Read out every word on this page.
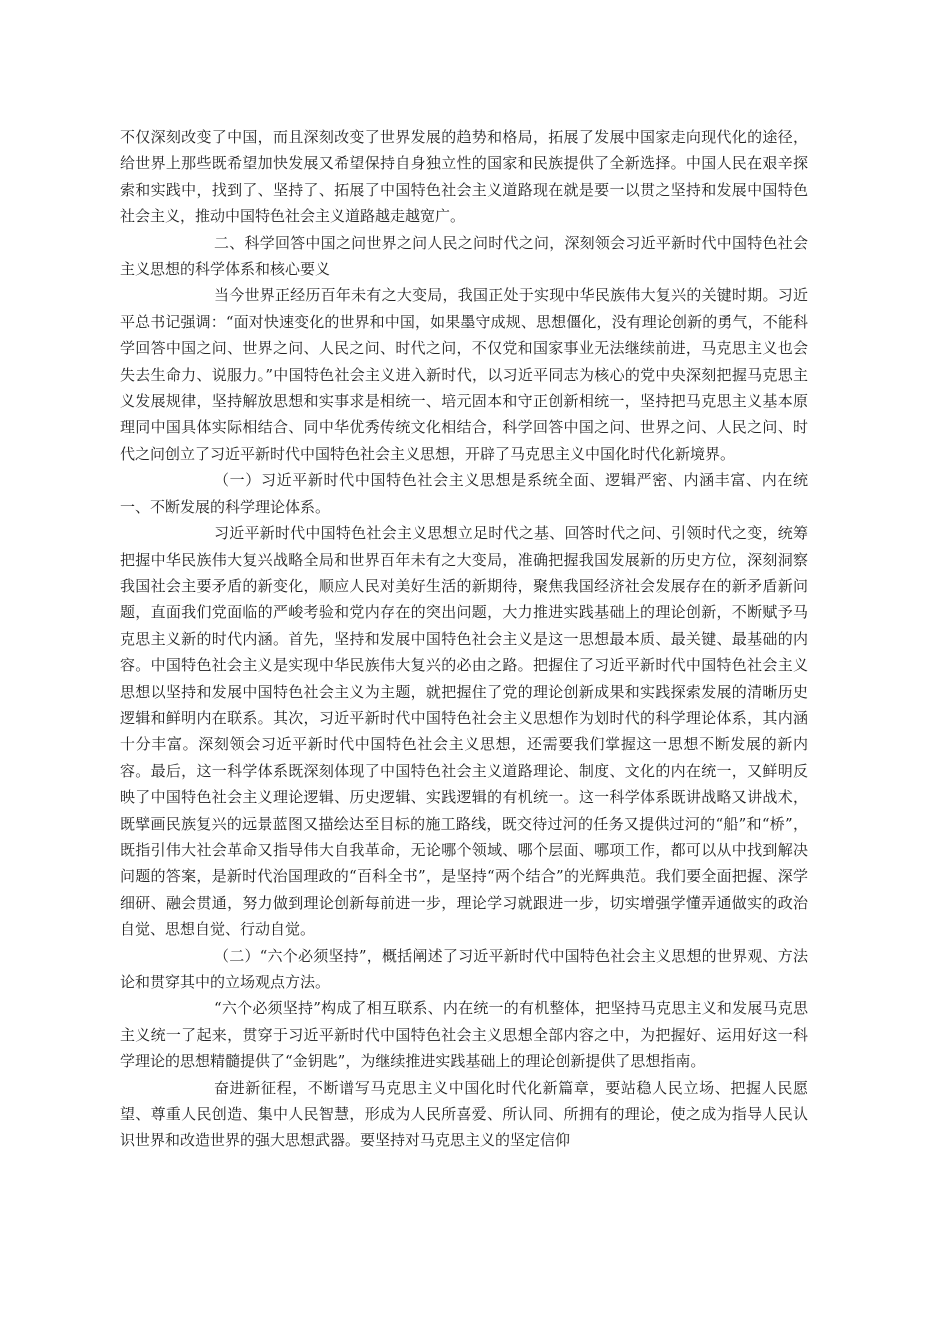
不仅深刻改变了中国，而且深刻改变了世界发展的趋势和格局，拓展了发展中国家走向现代化的途径，给世界上那些既希望加快发展又希望保持自身独立性的国家和民族提供了全新选择。中国人民在艰辛探索和实践中，找到了、坚持了、拓展了中国特色社会主义道路现在就是要一以贯之坚持和发展中国特色社会主义，推动中国特色社会主义道路越走越宽广。

二、科学回答中国之问世界之问人民之问时代之问，深刻领会习近平新时代中国特色社会主义思想的科学体系和核心要义

当今世界正经历百年未有之大变局，我国正处于实现中华民族伟大复兴的关键时期。习近平总书记强调：“面对快速变化的世界和中国，如果墨守成规、思想僵化，没有理论创新的勇气，不能科学回答中国之问、世界之问、人民之问、时代之问，不仅党和国家事业无法继续前进，马克思主义也会失去生命力、说服力。”中国特色社会主义进入新时代，以习近平同志为核心的党中央深刻把握马克思主义发展规律，坚持解放思想和实事求是相统一、培元固本和守正创新相统一，坚持把马克思主义基本原理同中国具体实际相结合、同中华优秀传统文化相结合，科学回答中国之问、世界之问、人民之问、时代之问创立了习近平新时代中国特色社会主义思想，开辟了马克思主义中国化时代化新境界。

（一）习近平新时代中国特色社会主义思想是系统全面、逻辑严密、内涵丰富、内在统一、不断发展的科学理论体系。

习近平新时代中国特色社会主义思想立足时代之基、回答时代之问、引领时代之变，统筹把握中华民族伟大复兴战略全局和世界百年未有之大变局，准确把握我国发展新的历史方位，深刻洞察我国社会主要矛盾的新变化，顺应人民对美好生活的新期待，聚焦我国经济社会发展存在的新矛盾新问题，直面我们党面临的严峻考验和党内存在的突出问题，大力推进实践基础上的理论创新，不断赋予马克思主义新的时代内涵。首先，坚持和发展中国特色社会主义是这一思想最本质、最关键、最基础的内容。中国特色社会主义是实现中华民族伟大复兴的必由之路。把握住了习近平新时代中国特色社会主义思想以坚持和发展中国特色社会主义为主题，就把握住了党的理论创新成果和实践探索发展的清晰历史逻辑和鲜明内在联系。其次，习近平新时代中国特色社会主义思想作为划时代的科学理论体系，其内涵十分丰富。深刻领会习近平新时代中国特色社会主义思想，还需要我们掌握这一思想不断发展的新内容。最后，这一科学体系既深刻体现了中国特色社会主义道路理论、制度、文化的内在统一，又鲜明反映了中国特色社会主义理论逻辑、历史逻辑、实践逻辑的有机统一。这一科学体系既讲战略又讲战术，既擘画民族复兴的远景蓝图又描绘达至目标的施工路线，既交待过河的任务又提供过河的“船”和“桥”，既指引伟大社会革命又指导伟大自我革命，无论哪个领域、哪个层面、哪项工作，都可以从中找到解决问题的答案，是新时代治国理政的“百科全书”，是坚持“两个结合”的光辉典范。我们要全面把握、深学细研、融会贯通，努力做到理论创新每前进一步，理论学习就跟进一步，切实增强学懂弄通做实的政治自觉、思想自觉、行动自觉。

（二）“六个必须坚持”，概括阐述了习近平新时代中国特色社会主义思想的世界观、方法论和贯穿其中的立场观点方法。

“六个必须坚持”构成了相互联系、内在统一的有机整体，把坚持马克思主义和发展马克思主义统一了起来，贯穿于习近平新时代中国特色社会主义思想全部内容之中，为把握好、运用好这一科学理论的思想精髓提供了“金钥匙”，为继续推进实践基础上的理论创新提供了思想指南。

奋进新征程，不断谱写马克思主义中国化时代化新篇章，要站稳人民立场、把握人民愿望、尊重人民创造、集中人民智慧，形成为人民所喜爱、所认同、所拥有的理论，使之成为指导人民认识世界和改造世界的强大思想武器。要坚持对马克思主义的坚定信仰
